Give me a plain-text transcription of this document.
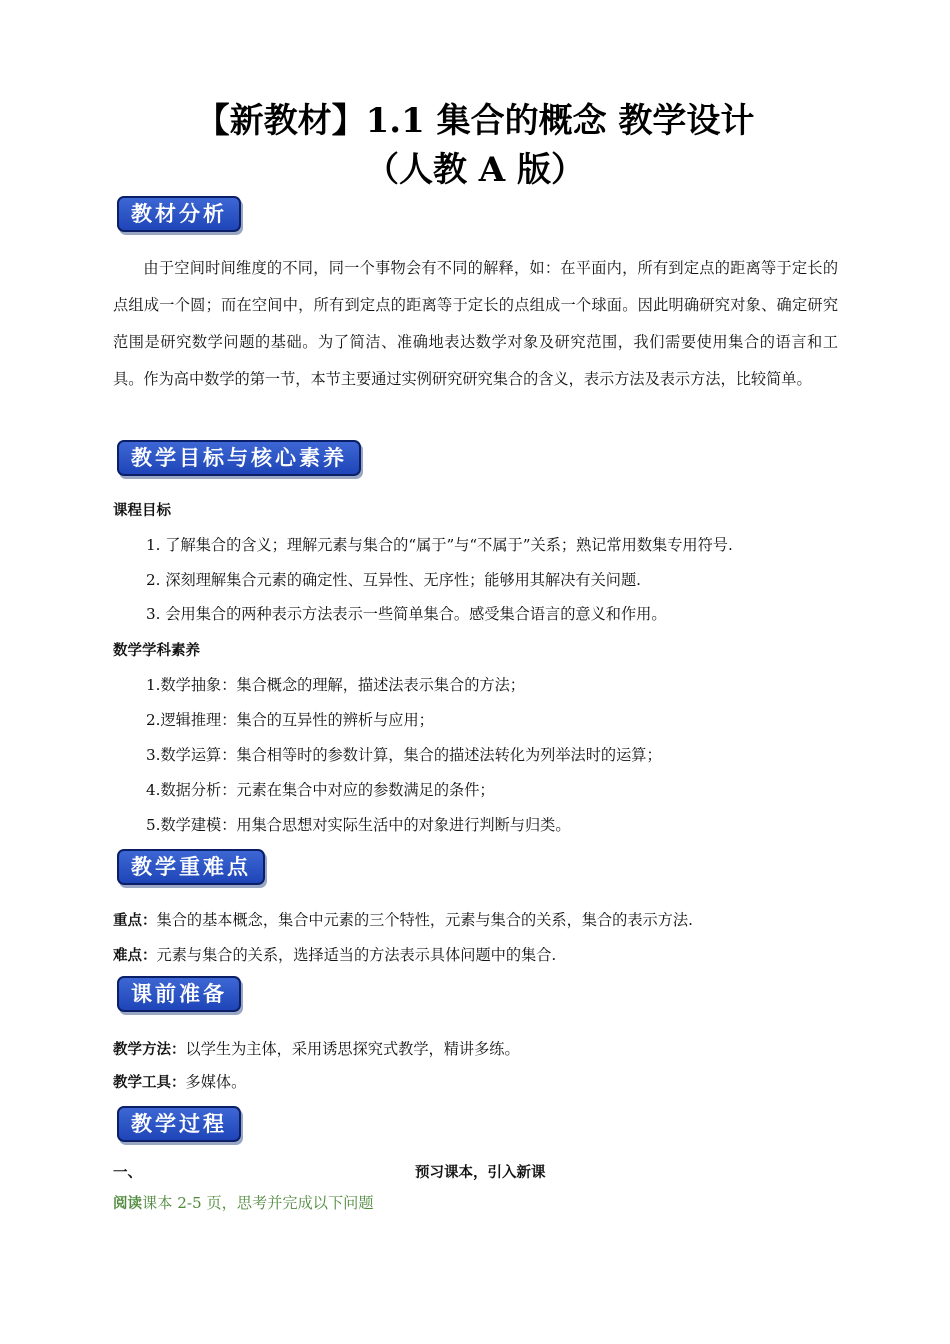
【新教材】1.1 集合的概念 教学设计
（人教 A 版）
教材分析
由于空间时间维度的不同，同一个事物会有不同的解释，如：在平面内，所有到定点的距离等于定长的点组成一个圆；而在空间中，所有到定点的距离等于定长的点组成一个球面。因此明确研究对象、确定研究范围是研究数学问题的基础。为了简洁、准确地表达数学对象及研究范围，我们需要使用集合的语言和工具。作为高中数学的第一节，本节主要通过实例研究研究集合的含义，表示方法及表示方法，比较简单。
教学目标与核心素养
课程目标
1. 了解集合的含义；理解元素与集合的“属于”与“不属于”关系；熟记常用数集专用符号.
2. 深刻理解集合元素的确定性、互异性、无序性；能够用其解决有关问题.
3. 会用集合的两种表示方法表示一些简单集合。感受集合语言的意义和作用。
数学学科素养
1.数学抽象：集合概念的理解，描述法表示集合的方法；
2.逻辑推理：集合的互异性的辨析与应用；
3.数学运算：集合相等时的参数计算，集合的描述法转化为列举法时的运算；
4.数据分析：元素在集合中对应的参数满足的条件；
5.数学建模：用集合思想对实际生活中的对象进行判断与归类。
教学重难点
重点：集合的基本概念，集合中元素的三个特性，元素与集合的关系，集合的表示方法.
难点：元素与集合的关系，选择适当的方法表示具体问题中的集合.
课前准备
教学方法：以学生为主体，采用诱思探究式教学，精讲多练。
教学工具：多媒体。
教学过程
一、	预习课本，引入新课
阅读课本 2-5 页，思考并完成以下问题
